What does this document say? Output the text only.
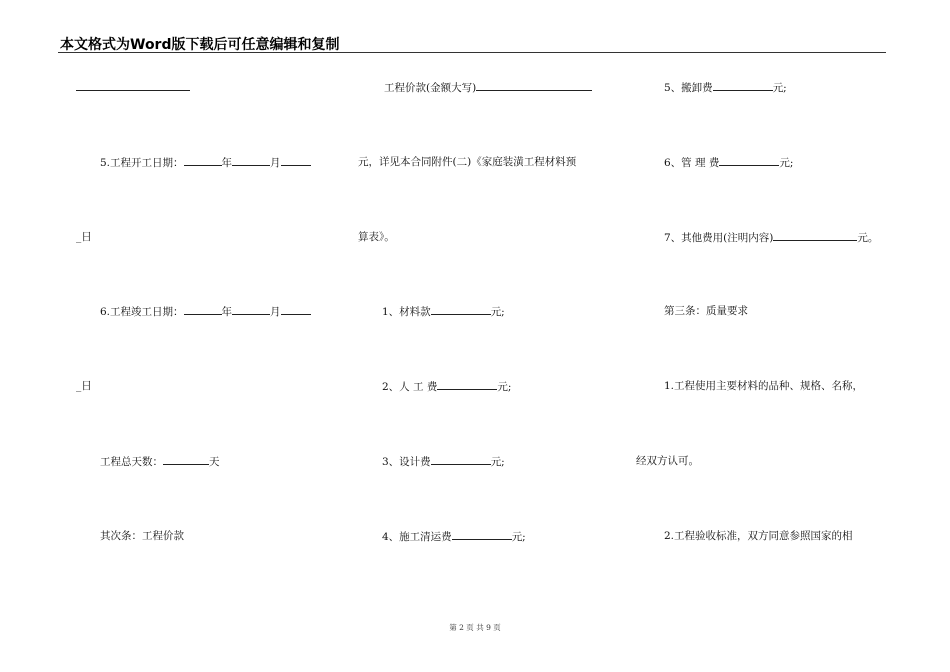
本文格式为Word版下载后可任意编辑和复制
工程价款(金额大写)	5、搬卸费	元;
5.工程开工日期：	年	月	元，详见本合同附件(二)《家庭装潢工程材料预	6、管 理 费	元;
_日	算表》。	7、其他费用(注明内容)	元。
6.工程竣工日期：	年	月	1、材料款	元;	第三条：质量要求
_日	2、人 工 费	元;	1.工程使用主要材料的品种、规格、名称，
工程总天数：	天	3、设计费	元;	经双方认可。
其次条：工程价款	4、施工清运费	元;	2.工程验收标准，双方同意参照国家的相
第 2 页 共 9 页
